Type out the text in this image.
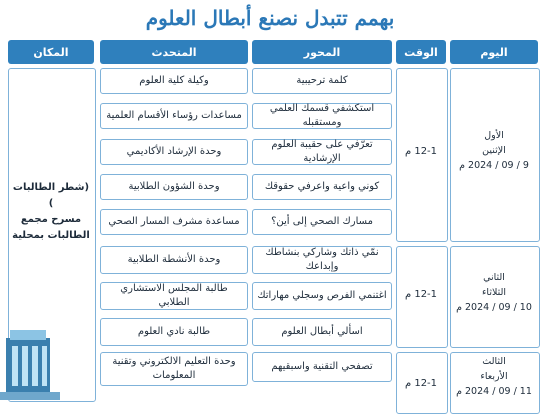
بهمم تتبدل نصنع أبطال العلوم
اليوم
الوقت
المحور
المتحدث
المكان
(شطر الطالبات )
مسرح مجمع
الطالبات بمحلية
الأول
الإثنين
9 / 09 / 2024 م
12-1 م
كلمة ترحيبية
وكيلة كلية العلوم
استكشفي قسمك العلمي ومستقبله
مساعدات رؤساء الأقسام العلمية
تعرّفي على حقيبة العلوم الإرشادية
وحدة الإرشاد الأكاديمي
كوني واعية واعرفي حقوقك
وحدة الشؤون الطلابية
مسارك الصحي إلى أين؟
مساعدة مشرف المسار الصحي
الثاني
الثلاثاء
10 / 09 / 2024 م
12-1 م
نمّي ذاتك وشاركي بنشاطك وإبداعك
وحدة الأنشطة الطلابية
اغتنمي الفرص وسجلي مهاراتك
طالبة المجلس الاستشاري الطلابي
اسألي أبطال العلوم
طالبة نادي العلوم
الثالث
الأربعاء
11 / 09 / 2024 م
12-1 م
تصفحي التقنية واسبقيهم
وحدة التعليم الالكتروني وتقنية المعلومات
